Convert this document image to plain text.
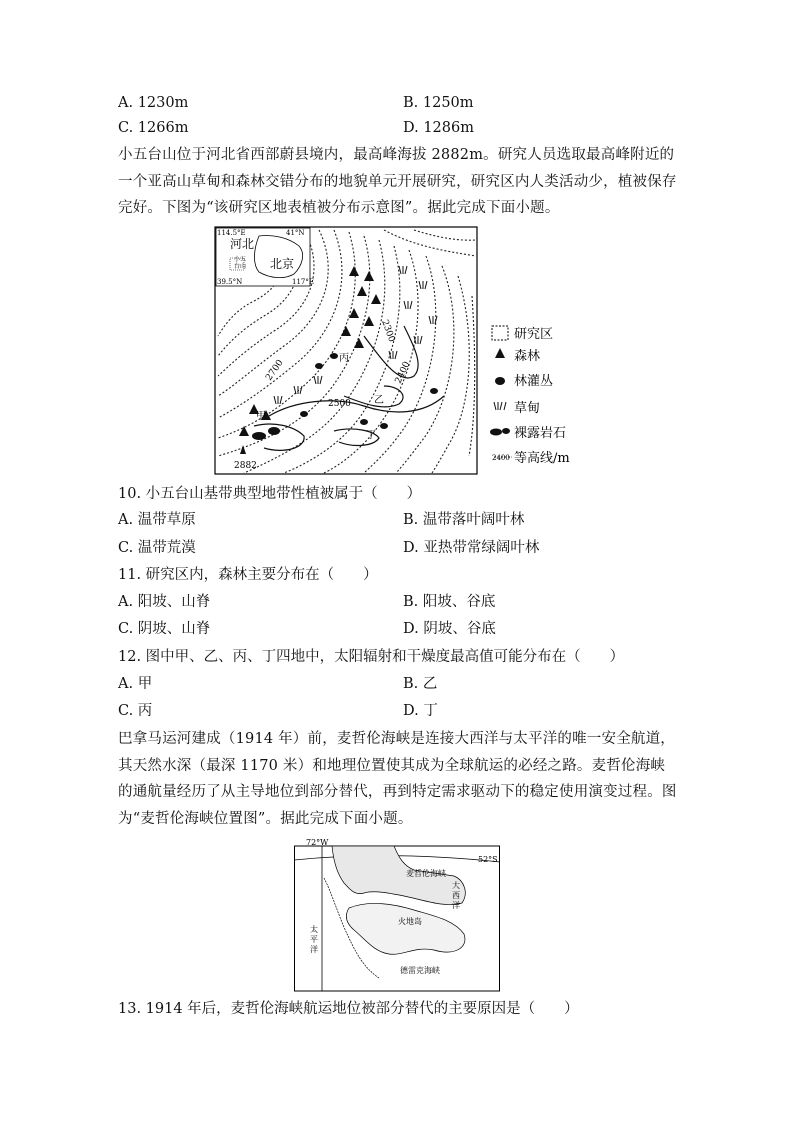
A. 1230m	B. 1250m
C. 1266m	D. 1286m
小五台山位于河北省西部蔚县境内，最高峰海拔 2882m。研究人员选取最高峰附近的一个亚高山草甸和森林交错分布的地貌单元开展研究，研究区内人类活动少，植被保存完好。下图为“该研究区地表植被分布示意图”。据此完成下面小题。
2700
2300
2400
2500
2882
甲
乙
丙
丁
114.5°E	41°N
39.5°N	117°E
河北
北京
小五
台山
研究区
森林
林灌丛
草甸
裸露岩石
2400 等高线/m
10. 小五台山基带典型地带性植被属于（　　）
A. 温带草原	B. 温带落叶阔叶林
C. 温带荒漠	D. 亚热带常绿阔叶林
11. 研究区内，森林主要分布在（　　）
A. 阳坡、山脊	B. 阳坡、谷底
C. 阴坡、山脊	D. 阴坡、谷底
12. 图中甲、乙、丙、丁四地中，太阳辐射和干燥度最高值可能分布在（　　）
A. 甲	B. 乙
C. 丙	D. 丁
巴拿马运河建成（1914 年）前，麦哲伦海峡是连接大西洋与太平洋的唯一安全航道，其天然水深（最深 1170 米）和地理位置使其成为全球航运的必经之路。麦哲伦海峡的通航量经历了从主导地位到部分替代，再到特定需求驱动下的稳定使用演变过程。图为“麦哲伦海峡位置图”。据此完成下面小题。
72°W
52°S
麦哲伦海峡
大
西
洋
太
平
洋
火地岛
德雷克海峡
13. 1914 年后，麦哲伦海峡航运地位被部分替代的主要原因是（　　）
